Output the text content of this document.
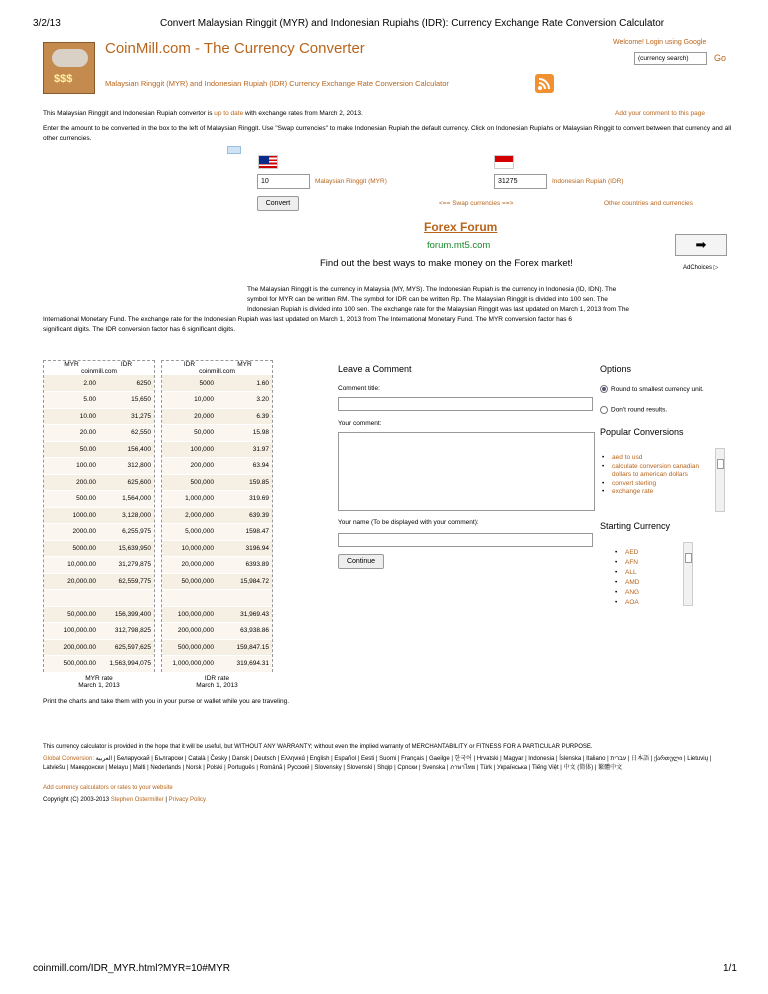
3/2/13	Convert Malaysian Ringgit (MYR) and Indonesian Rupiahs (IDR): Currency Exchange Rate Conversion Calculator
$$$
CoinMill.com - The Currency Converter
Malaysian Ringgit (MYR) and Indonesian Rupiah (IDR) Currency Exchange Rate Conversion Calculator
Welcome! Login using Google
(currency search)
Go
This Malaysian Ringgit and Indonesian Rupiah convertor is up to date with exchange rates from March 2, 2013.	Add your comment to this page
Enter the amount to be converted in the box to the left of Malaysian Ringgit. Use "Swap currencies" to make Indonesian Rupiah the default currency. Click on Indonesian Rupiahs or Malaysian Ringgit to convert between that currency and all other currencies.
10
Malaysian Ringgit (MYR)
31275	Indonesian Rupiah (IDR)
Convert	<== Swap currencies ==>	Other countries and currencies
Forex Forum
forum.mt5.com	➡
Find out the best ways to make money on the Forex market!	AdChoices ▷
The Malaysian Ringgit is the currency in Malaysia (MY, MYS). The Indonesian Rupiah is the currency in Indonesia (ID, IDN). The
symbol for MYR can be written RM. The symbol for IDR can be written Rp. The Malaysian Ringgit is divided into 100 sen. The
Indonesian Rupiah is divided into 100 sen. The exchange rate for the Malaysian Ringgit was last updated on March 1, 2013 from The
International Monetary Fund. The exchange rate for the Indonesian Rupiah was last updated on March 1, 2013 from The International Monetary Fund. The MYR conversion factor has 6
significant digits. The IDR conversion factor has 6 significant digits.
MYR	IDR
coinmill.com
2.00	6250
5.00	15,650
10.00	31,275
20.00	62,550
50.00	156,400
100.00	312,800
200.00	625,600
500.00	1,564,000
1000.00	3,128,000
2000.00	6,255,975
5000.00	15,639,950
10,000.00	31,279,875
20,000.00	62,559,775

50,000.00	156,399,400
100,000.00	312,798,825
200,000.00	625,597,625
500,000.00	1,563,994,075
MYR rate
March 1, 2013
IDR	MYR
coinmill.com
5000	1.60
10,000	3.20
20,000	6.39
50,000	15.98
100,000	31.97
200,000	63.94
500,000	159.85
1,000,000	319.69
2,000,000	639.39
5,000,000	1598.47
10,000,000	3196.94
20,000,000	6393.89
50,000,000	15,984.72

100,000,000	31,969.43
200,000,000	63,938.86
500,000,000	159,847.15
1,000,000,000	319,694.31
IDR rate
March 1, 2013
Print the charts and take them with you in your purse or wallet while you are traveling.
Leave a Comment
Comment title:
Your comment:
Your name (To be displayed with your comment):
Continue
Options
Round to smallest currency unit.
Don't round results.
Popular Conversions
• aed to usd
• calculate conversion canadian dollars to american dollars
• convert sterling
• exchange rate
Starting Currency
• AED
• AFN
• ALL
• AMD
• ANG
• AOA
This currency calculator is provided in the hope that it will be useful, but WITHOUT ANY WARRANTY; without even the implied warranty of MERCHANTABILITY or FITNESS FOR A PARTICULAR PURPOSE.
Global Conversion: العربية | Беларускай | Български | Català | Česky | Dansk | Deutsch | Ελληνικά | English | Español | Eesti | Suomi | Français | Gaeilge | 한국어 | Hrvatski | Magyar | Indonesia | Íslenska | Italiano | עברית | 日本語 | ქართული | Lietuvių | Latviešu | Македонски | Melayu | Malti | Nederlands | Norsk | Polski | Português | Română | Русский | Slovensky | Slovenski | Shqip | Српски | Svenska | ภาษาไทย | Türk | Українська | Tiếng Việt | 中文 (简体) | 繁體中文
Add currency calculators or rates to your website
Copyright (C) 2003-2013 Stephen Ostermiller | Privacy Policy
coinmill.com/IDR_MYR.html?MYR=10#MYR	1/1
